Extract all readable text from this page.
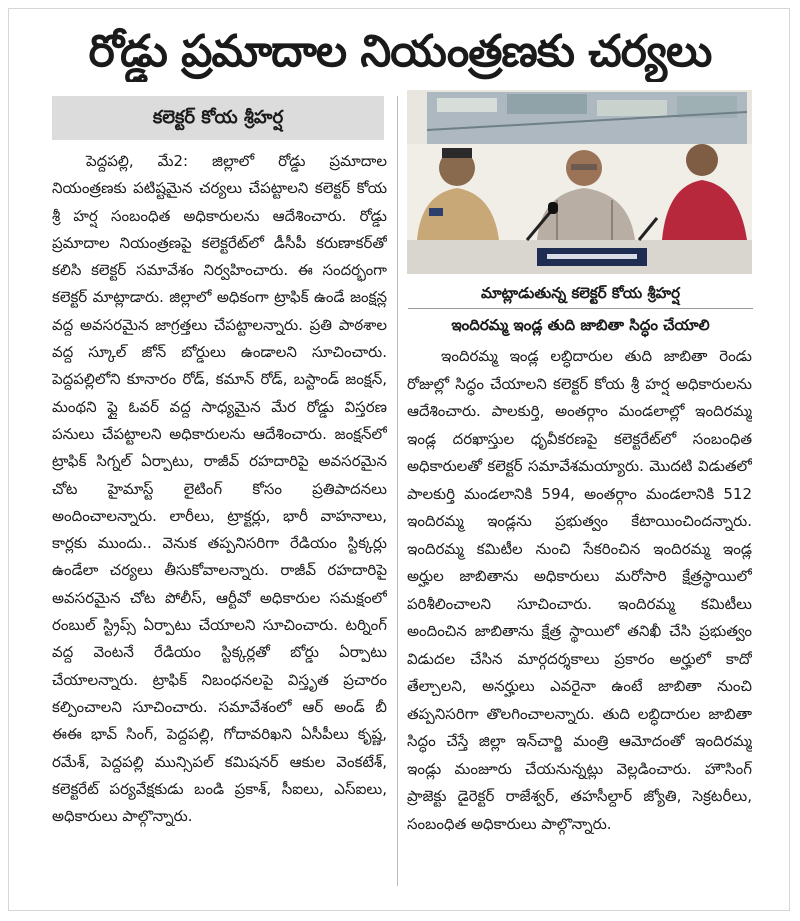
రోడ్డు ప్రమాదాల నియంత్రణకు చర్యలు
కలెక్టర్ కోయ శ్రీహర్ష

పెద్దపల్లి, మే2: జిల్లాలో రోడ్డు ప్రమాదాల నియంత్రణకు పటిష్టమైన చర్యలు చేపట్టాలని కలెక్టర్ కోయ శ్రీ హర్ష సంబంధిత అధికారులను ఆదేశించారు. రోడ్డు ప్రమాదాల నియంత్రణపై కలెక్టరేట్‌లో డీసీపీ కరుణాకర్‌తో కలిసి కలెక్టర్ సమావేశం నిర్వహించారు. ఈ సందర్భంగా కలెక్టర్ మాట్లాడారు. జిల్లాలో అధికంగా ట్రాఫిక్ ఉండే జంక్షన్ల వద్ద అవసరమైన జాగ్రత్తలు చేపట్టాలన్నారు. ప్రతి పాఠశాల వద్ద స్కూల్ జోన్ బోర్డులు ఉండాలని సూచించారు. పెద్దపల్లిలోని కూనారం రోడ్, కమాన్ రోడ్, బస్టాండ్ జంక్షన్, మంథని ఫ్లై ఓవర్ వద్ద సాధ్యమైన మేర రోడ్డు విస్తరణ పనులు చేపట్టాలని అధికారులను ఆదేశించారు. జంక్షన్‌లో ట్రాఫిక్ సిగ్నల్ ఏర్పాటు, రాజీవ్ రహదారిపై అవసరమైన చోట హైమాస్ట్ లైటింగ్ కోసం ప్రతిపాదనలు అందించాలన్నారు. లారీలు, ట్రాక్టర్లు, భారీ వాహనాలు, కార్లకు ముందు.. వెనుక తప్పనిసరిగా రేడియం స్టిక్కర్లు ఉండేలా చర్యలు తీసుకోవాలన్నారు. రాజీవ్ రహదారిపై అవసరమైన చోట పోలీస్, ఆర్టీవో అధికారుల సమక్షంలో రంబుల్ స్ట్రిప్స్ ఏర్పాటు చేయాలని సూచించారు. టర్నింగ్ వద్ద వెంటనే రేడియం స్టిక్కర్లతో బోర్డు ఏర్పాటు చేయాలన్నారు. ట్రాఫిక్ నిబంధనలపై విస్తృత ప్రచారం కల్పించాలని సూచించారు. సమావేశంలో ఆర్ అండ్ బీ ఈఈ భావ్ సింగ్, పెద్దపల్లి, గోదావరిఖని ఏసీపీలు కృష్ణ, రమేశ్, పెద్దపల్లి మున్సిపల్ కమిషనర్ ఆకుల వెంకటేశ్, కలెక్టరేట్ పర్యవేక్షకుడు బండి ప్రకాశ్, సీఐలు, ఎస్ఐలు, అధికారులు పాల్గొన్నారు.

మాట్లాడుతున్న కలెక్టర్ కోయ శ్రీహర్ష
ఇందిరమ్మ ఇండ్ల తుది జాబితా సిద్ధం చేయాలి

ఇందిరమ్మ ఇండ్ల లబ్ధిదారుల తుది జాబితా రెండు రోజుల్లో సిద్ధం చేయాలని కలెక్టర్ కోయ శ్రీ హర్ష అధికారులను ఆదేశించారు. పాలకుర్తి, అంతర్గాం మండలాల్లో ఇందిరమ్మ ఇండ్ల దరఖాస్తుల ధృవీకరణపై కలెక్టరేట్‌లో సంబంధిత అధికారులతో కలెక్టర్ సమావేశమయ్యారు. మొదటి విడుతలో పాలకుర్తి మండలానికి 594, అంతర్గాం మండలానికి 512 ఇందిరమ్మ ఇండ్లను ప్రభుత్వం కేటాయించిందన్నారు. ఇందిరమ్మ కమిటీల నుంచి సేకరించిన ఇందిరమ్మ ఇండ్ల అర్హుల జాబితాను అధికారులు మరోసారి క్షేత్రస్థాయిలో పరిశీలించాలని సూచించారు. ఇందిరమ్మ కమిటీలు అందించిన జాబితాను క్షేత్ర స్థాయిలో తనిఖీ చేసి ప్రభుత్వం విడుదల చేసిన మార్గదర్శకాలు ప్రకారం అర్హులో కాదో తేల్చాలని, అనర్హులు ఎవరైనా ఉంటే జాబితా నుంచి తప్పనిసరిగా తొలగించాలన్నారు. తుది లబ్ధిదారుల జాబితా సిద్ధం చేస్తే జిల్లా ఇన్‌చార్జి మంత్రి ఆమోదంతో ఇందిరమ్మ ఇండ్లు మంజూరు చేయనున్నట్లు వెల్లడించారు. హౌసింగ్ ప్రాజెక్టు డైరెక్టర్ రాజేశ్వర్, తహసీల్దార్ జ్యోతి, సెక్రటరీలు, సంబంధిత అధికారులు పాల్గొన్నారు.
